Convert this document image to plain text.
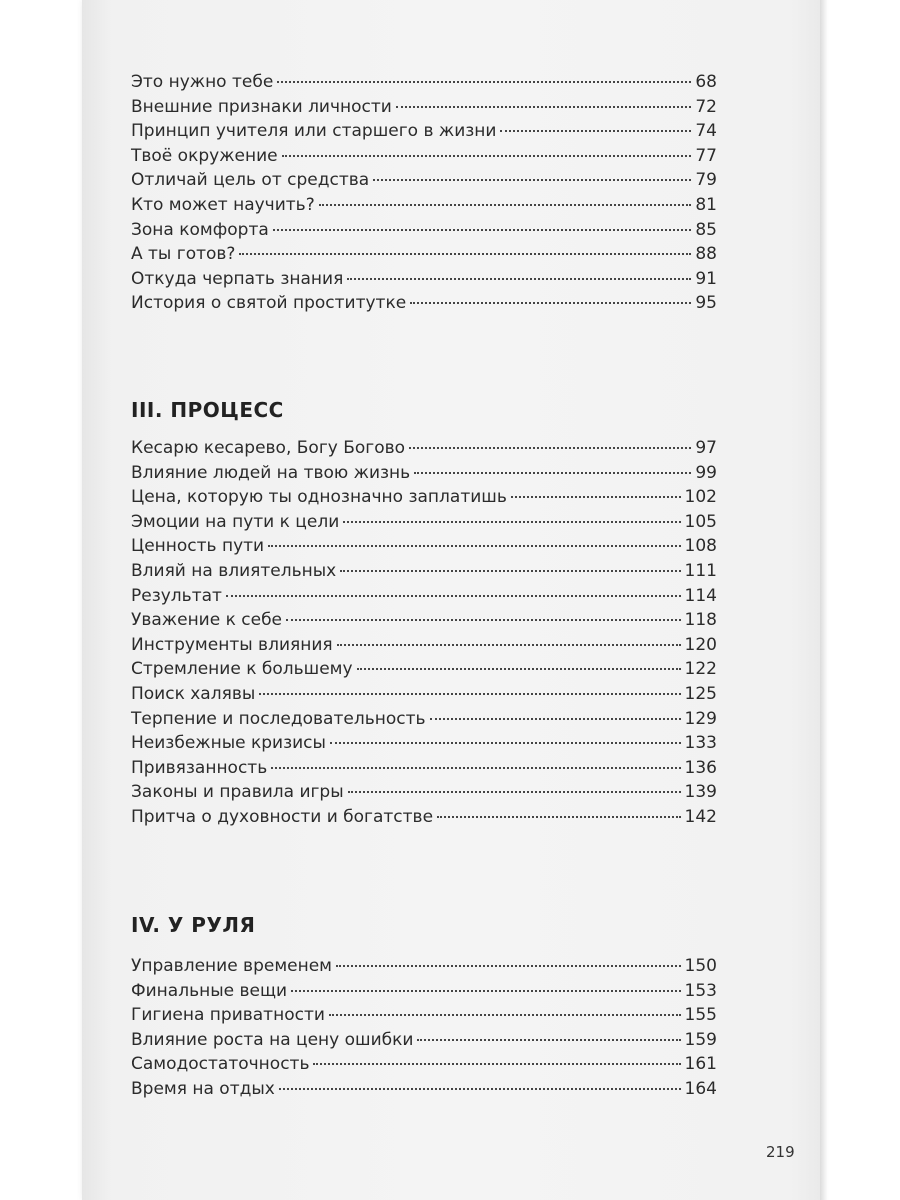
Это нужно тебе	68
Внешние признаки личности	72
Принцип учителя или старшего в жизни	74
Твоё окружение	77
Отличай цель от средства	79
Кто может научить?	81
Зона комфорта	85
А ты готов?	88
Откуда черпать знания	91
История о святой проститутке	95
III. ПРОЦЕСС
Кесарю кесарево, Богу Богово	97
Влияние людей на твою жизнь	99
Цена, которую ты однозначно заплатишь	102
Эмоции на пути к цели	105
Ценность пути	108
Влияй на влиятельных	111
Результат	114
Уважение к себе	118
Инструменты влияния	120
Стремление к большему	122
Поиск халявы	125
Терпение и последовательность	129
Неизбежные кризисы	133
Привязанность	136
Законы и правила игры	139
Притча о духовности и богатстве	142
IV. У РУЛЯ
Управление временем	150
Финальные вещи	153
Гигиена приватности	155
Влияние роста на цену ошибки	159
Самодостаточность	161
Время на отдых	164
219
